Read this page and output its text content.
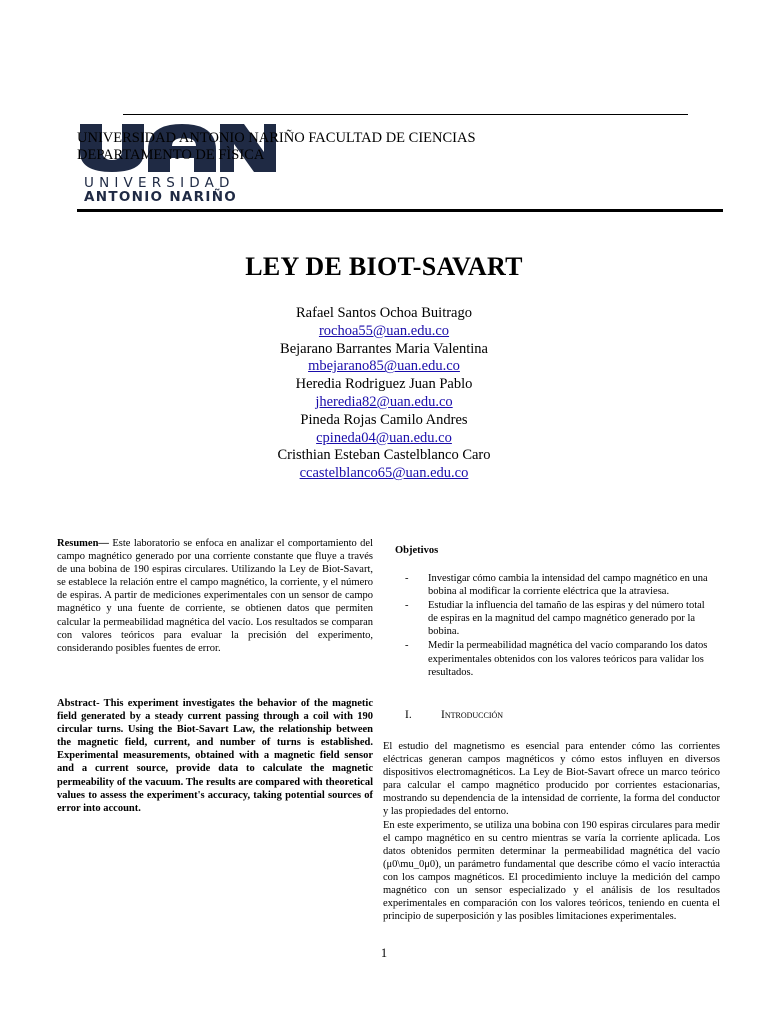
UNIVERSIDAD
ANTONIO NARIÑO
UNIVERSIDAD ANTONIO NARIÑO FACULTAD DE CIENCIAS
DEPARTAMENTO DE FÌSICA
LEY DE BIOT-SAVART
Rafael Santos Ochoa Buitrago
rochoa55@uan.edu.co
Bejarano Barrantes Maria Valentina
mbejarano85@uan.edu.co
Heredia Rodriguez Juan Pablo
jheredia82@uan.edu.co
Pineda Rojas Camilo Andres
cpineda04@uan.edu.co
Cristhian Esteban Castelblanco Caro
ccastelblanco65@uan.edu.co
Resumen— Este laboratorio se enfoca en analizar el comportamiento del campo magnético generado por una corriente constante que fluye a través de una bobina de 190 espiras circulares. Utilizando la Ley de Biot-Savart, se establece la relación entre el campo magnético, la corriente, y el número de espiras. A partir de mediciones experimentales con un sensor de campo magnético y una fuente de corriente, se obtienen datos que permiten calcular la permeabilidad magnética del vacío. Los resultados se comparan con valores teóricos para evaluar la precisión del experimento, considerando posibles fuentes de error.
Abstract- This experiment investigates the behavior of the magnetic field generated by a steady current passing through a coil with 190 circular turns. Using the Biot-Savart Law, the relationship between the magnetic field, current, and number of turns is established. Experimental measurements, obtained with a magnetic field sensor and a current source, provide data to calculate the magnetic permeability of the vacuum. The results are compared with theoretical values to assess the experiment's accuracy, taking potential sources of error into account.
Objetivos
- Investigar cómo cambia la intensidad del campo magnético en una bobina al modificar la corriente eléctrica que la atraviesa.
- Estudiar la influencia del tamaño de las espiras y del número total de espiras en la magnitud del campo magnético generado por la bobina.
- Medir la permeabilidad magnética del vacío comparando los datos experimentales obtenidos con los valores teóricos para validar los resultados.
I.	Introducción

El estudio del magnetismo es esencial para entender cómo las corrientes eléctricas generan campos magnéticos y cómo estos influyen en diversos dispositivos electromagnéticos. La Ley de Biot-Savart ofrece un marco teórico para calcular el campo magnético producido por corrientes estacionarias, mostrando su dependencia de la intensidad de corriente, la forma del conductor y las propiedades del entorno.

En este experimento, se utiliza una bobina con 190 espiras circulares para medir el campo magnético en su centro mientras se varía la corriente aplicada. Los datos obtenidos permiten determinar la permeabilidad magnética del vacío (μ0\mu_0μ0), un parámetro fundamental que describe cómo el vacío interactúa con los campos magnéticos. El procedimiento incluye la medición del campo magnético con un sensor especializado y el análisis de los resultados experimentales en comparación con los valores teóricos, teniendo en cuenta el principio de superposición y las posibles limitaciones experimentales.

1
